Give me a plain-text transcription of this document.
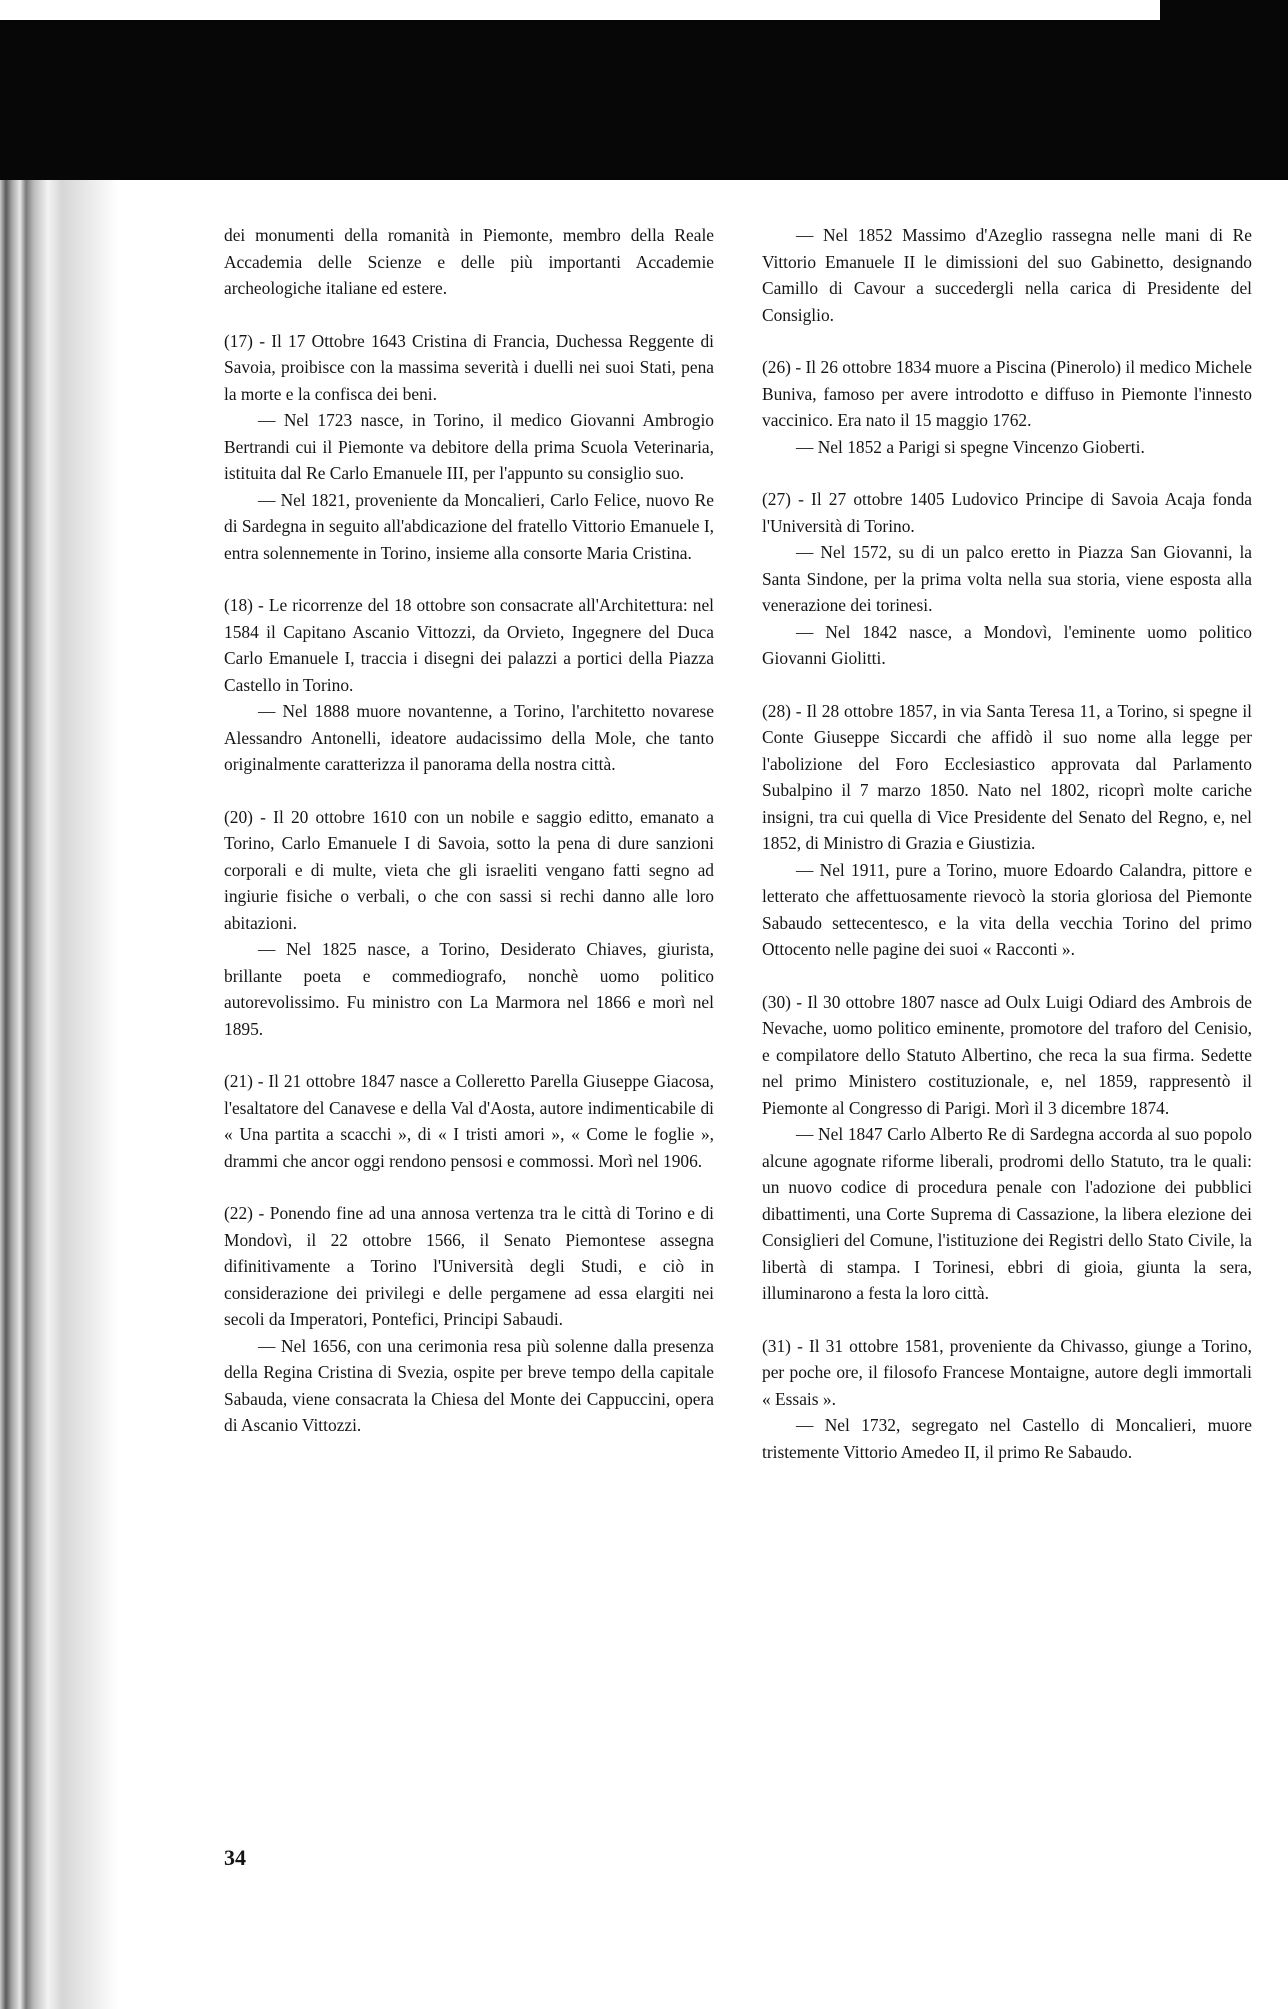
dei monumenti della romanità in Piemonte, membro della Reale Accademia delle Scienze e delle più importanti Accademie archeologiche italiane ed estere.

(17) - Il 17 Ottobre 1643 Cristina di Francia, Duchessa Reggente di Savoia, proibisce con la massima severità i duelli nei suoi Stati, pena la morte e la confisca dei beni.

— Nel 1723 nasce, in Torino, il medico Giovanni Ambrogio Bertrandi cui il Piemonte va debitore della prima Scuola Veterinaria, istituita dal Re Carlo Emanuele III, per l'appunto su consiglio suo.

— Nel 1821, proveniente da Moncalieri, Carlo Felice, nuovo Re di Sardegna in seguito all'abdicazione del fratello Vittorio Emanuele I, entra solennemente in Torino, insieme alla consorte Maria Cristina.

(18) - Le ricorrenze del 18 ottobre son consacrate all'Architettura: nel 1584 il Capitano Ascanio Vittozzi, da Orvieto, Ingegnere del Duca Carlo Emanuele I, traccia i disegni dei palazzi a portici della Piazza Castello in Torino.

— Nel 1888 muore novantenne, a Torino, l'architetto novarese Alessandro Antonelli, ideatore audacissimo della Mole, che tanto originalmente caratterizza il panorama della nostra città.

(20) - Il 20 ottobre 1610 con un nobile e saggio editto, emanato a Torino, Carlo Emanuele I di Savoia, sotto la pena di dure sanzioni corporali e di multe, vieta che gli israeliti vengano fatti segno ad ingiurie fisiche o verbali, o che con sassi si rechi danno alle loro abitazioni.

— Nel 1825 nasce, a Torino, Desiderato Chiaves, giurista, brillante poeta e commediografo, nonchè uomo politico autorevolissimo. Fu ministro con La Marmora nel 1866 e morì nel 1895.

(21) - Il 21 ottobre 1847 nasce a Colleretto Parella Giuseppe Giacosa, l'esaltatore del Canavese e della Val d'Aosta, autore indimenticabile di « Una partita a scacchi », di « I tristi amori », « Come le foglie », drammi che ancor oggi rendono pensosi e commossi. Morì nel 1906.

(22) - Ponendo fine ad una annosa vertenza tra le città di Torino e di Mondovì, il 22 ottobre 1566, il Senato Piemontese assegna difinitivamente a Torino l'Università degli Studi, e ciò in considerazione dei privilegi e delle pergamene ad essa elargiti nei secoli da Imperatori, Pontefici, Principi Sabaudi.

— Nel 1656, con una cerimonia resa più solenne dalla presenza della Regina Cristina di Svezia, ospite per breve tempo della capitale Sabauda, viene consacrata la Chiesa del Monte dei Cappuccini, opera di Ascanio Vittozzi.

— Nel 1852 Massimo d'Azeglio rassegna nelle mani di Re Vittorio Emanuele II le dimissioni del suo Gabinetto, designando Camillo di Cavour a succedergli nella carica di Presidente del Consiglio.

(26) - Il 26 ottobre 1834 muore a Piscina (Pinerolo) il medico Michele Buniva, famoso per avere introdotto e diffuso in Piemonte l'innesto vaccinico. Era nato il 15 maggio 1762.

— Nel 1852 a Parigi si spegne Vincenzo Gioberti.

(27) - Il 27 ottobre 1405 Ludovico Principe di Savoia Acaja fonda l'Università di Torino.

— Nel 1572, su di un palco eretto in Piazza San Giovanni, la Santa Sindone, per la prima volta nella sua storia, viene esposta alla venerazione dei torinesi.

— Nel 1842 nasce, a Mondovì, l'eminente uomo politico Giovanni Giolitti.

(28) - Il 28 ottobre 1857, in via Santa Teresa 11, a Torino, si spegne il Conte Giuseppe Siccardi che affidò il suo nome alla legge per l'abolizione del Foro Ecclesiastico approvata dal Parlamento Subalpino il 7 marzo 1850. Nato nel 1802, ricoprì molte cariche insigni, tra cui quella di Vice Presidente del Senato del Regno, e, nel 1852, di Ministro di Grazia e Giustizia.

— Nel 1911, pure a Torino, muore Edoardo Calandra, pittore e letterato che affettuosamente rievocò la storia gloriosa del Piemonte Sabaudo settecentesco, e la vita della vecchia Torino del primo Ottocento nelle pagine dei suoi « Racconti ».

(30) - Il 30 ottobre 1807 nasce ad Oulx Luigi Odiard des Ambrois de Nevache, uomo politico eminente, promotore del traforo del Cenisio, e compilatore dello Statuto Albertino, che reca la sua firma. Sedette nel primo Ministero costituzionale, e, nel 1859, rappresentò il Piemonte al Congresso di Parigi. Morì il 3 dicembre 1874.

— Nel 1847 Carlo Alberto Re di Sardegna accorda al suo popolo alcune agognate riforme liberali, prodromi dello Statuto, tra le quali: un nuovo codice di procedura penale con l'adozione dei pubblici dibattimenti, una Corte Suprema di Cassazione, la libera elezione dei Consiglieri del Comune, l'istituzione dei Registri dello Stato Civile, la libertà di stampa. I Torinesi, ebbri di gioia, giunta la sera, illuminarono a festa la loro città.

(31) - Il 31 ottobre 1581, proveniente da Chivasso, giunge a Torino, per poche ore, il filosofo Francese Montaigne, autore degli immortali « Essais ».

— Nel 1732, segregato nel Castello di Moncalieri, muore tristemente Vittorio Amedeo II, il primo Re Sabaudo.

34
